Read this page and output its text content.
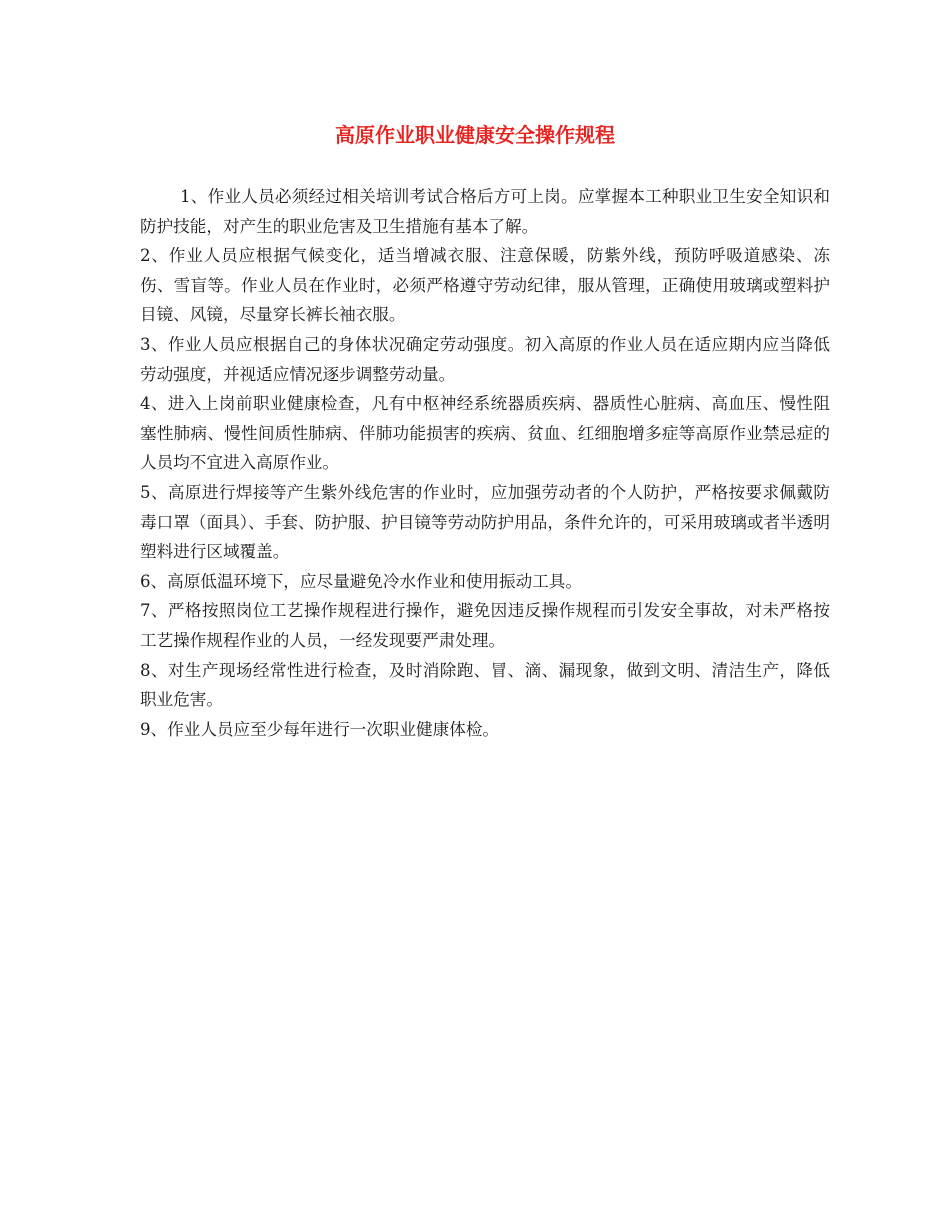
高原作业职业健康安全操作规程

1、作业人员必须经过相关培训考试合格后方可上岗。应掌握本工种职业卫生安全知识和防护技能，对产生的职业危害及卫生措施有基本了解。

2、作业人员应根据气候变化，适当增减衣服、注意保暖，防紫外线，预防呼吸道感染、冻伤、雪盲等。作业人员在作业时，必须严格遵守劳动纪律，服从管理，正确使用玻璃或塑料护目镜、风镜，尽量穿长裤长袖衣服。

3、作业人员应根据自己的身体状况确定劳动强度。初入高原的作业人员在适应期内应当降低劳动强度，并视适应情况逐步调整劳动量。

4、进入上岗前职业健康检查，凡有中枢神经系统器质疾病、器质性心脏病、高血压、慢性阻塞性肺病、慢性间质性肺病、伴肺功能损害的疾病、贫血、红细胞增多症等高原作业禁忌症的人员均不宜进入高原作业。

5、高原进行焊接等产生紫外线危害的作业时，应加强劳动者的个人防护，严格按要求佩戴防毒口罩（面具）、手套、防护服、护目镜等劳动防护用品，条件允许的，可采用玻璃或者半透明塑料进行区域覆盖。

6、高原低温环境下，应尽量避免冷水作业和使用振动工具。

7、严格按照岗位工艺操作规程进行操作，避免因违反操作规程而引发安全事故，对未严格按工艺操作规程作业的人员，一经发现要严肃处理。

8、对生产现场经常性进行检查，及时消除跑、冒、滴、漏现象，做到文明、清洁生产，降低职业危害。

9、作业人员应至少每年进行一次职业健康体检。
